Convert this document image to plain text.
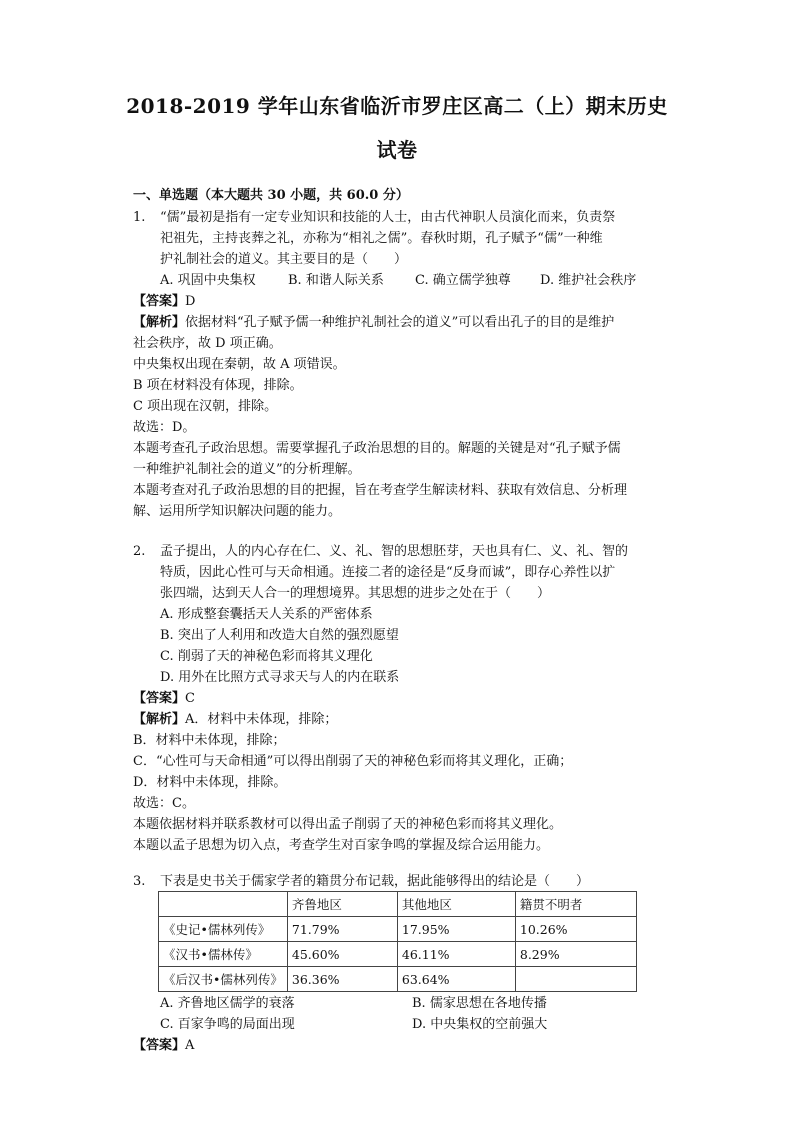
2018-2019 学年山东省临沂市罗庄区高二（上）期末历史
试卷
一、单选题（本大题共 30 小题，共 60.0 分）
1. “儒”最初是指有一定专业知识和技能的人士，由古代神职人员演化而来，负责祭
祀祖先，主持丧葬之礼，亦称为“相礼之儒”。春秋时期，孔子赋予“儒”一种维
护礼制社会的道义。其主要目的是（　　）
A. 巩固中央集权 B. 和谐人际关系 C. 确立儒学独尊 D. 维护社会秩序
【答案】D
【解析】依据材料“孔子赋予儒一种维护礼制社会的道义”可以看出孔子的目的是维护
社会秩序，故 D 项正确。
中央集权出现在秦朝，故 A 项错误。
B 项在材料没有体现，排除。
C 项出现在汉朝，排除。
故选：D。
本题考查孔子政治思想。需要掌握孔子政治思想的目的。解题的关键是对“孔子赋予儒
一种维护礼制社会的道义”的分析理解。
本题考查对孔子政治思想的目的把握，旨在考查学生解读材料、获取有效信息、分析理
解、运用所学知识解决问题的能力。
2. 孟子提出，人的内心存在仁、义、礼、智的思想胚芽，天也具有仁、义、礼、智的
特质，因此心性可与天命相通。连接二者的途径是“反身而诚”，即存心养性以扩
张四端，达到天人合一的理想境界。其思想的进步之处在于（　　）
A. 形成整套囊括天人关系的严密体系
B. 突出了人利用和改造大自然的强烈愿望
C. 削弱了天的神秘色彩而将其义理化
D. 用外在比照方式寻求天与人的内在联系
【答案】C
【解析】A．材料中未体现，排除；
B．材料中未体现，排除；
C．“心性可与天命相通”可以得出削弱了天的神秘色彩而将其义理化，正确；
D．材料中未体现，排除。
故选：C。
本题依据材料并联系教材可以得出孟子削弱了天的神秘色彩而将其义理化。
本题以孟子思想为切入点，考查学生对百家争鸣的掌握及综合运用能力。
3. 下表是史书关于儒家学者的籍贯分布记载，据此能够得出的结论是（　　）
	齐鲁地区	其他地区	籍贯不明者
《史记•儒林列传》	71.79%	17.95%	10.26%
《汉书•儒林传》	45.60%	46.11%	8.29%
《后汉书•儒林列传》	36.36%	63.64%	
A. 齐鲁地区儒学的衰落	B. 儒家思想在各地传播
C. 百家争鸣的局面出现	D. 中央集权的空前强大
【答案】A
